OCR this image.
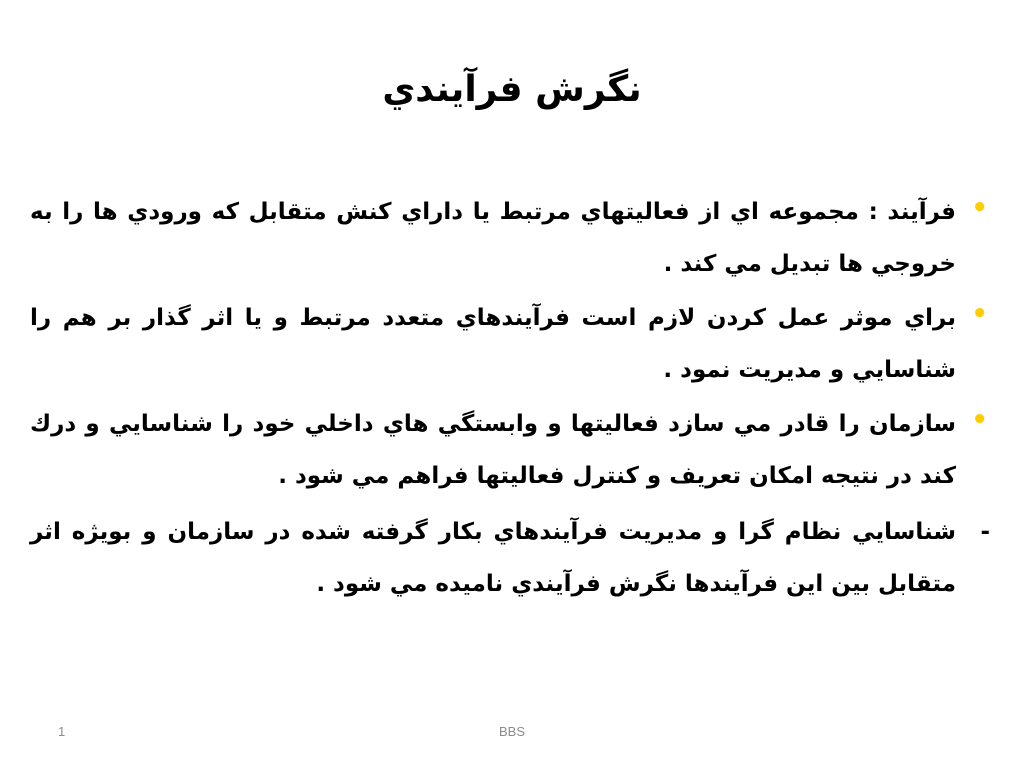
نگرش فرآيندي
•
فرآيند : مجموعه اي از فعاليتهاي مرتبط يا داراي كنش متقابل كه ورودي ها را به خروجي ها تبديل مي كند .
•
براي موثر عمل كردن لازم است فرآيندهاي متعدد مرتبط و يا اثر گذار بر هم را شناسايي و مديريت نمود .
•
سازمان را قادر مي سازد فعاليتها و وابستگي هاي داخلي خود را شناسايي و درك كند در نتيجه امكان تعريف و كنترل فعاليتها فراهم مي شود .
-
شناسايي نظام گرا و مديريت فرآيندهاي بكار گرفته شده در سازمان و بويژه اثر متقابل بين اين فرآيندها نگرش فرآيندي ناميده مي شود .
1	BBS
